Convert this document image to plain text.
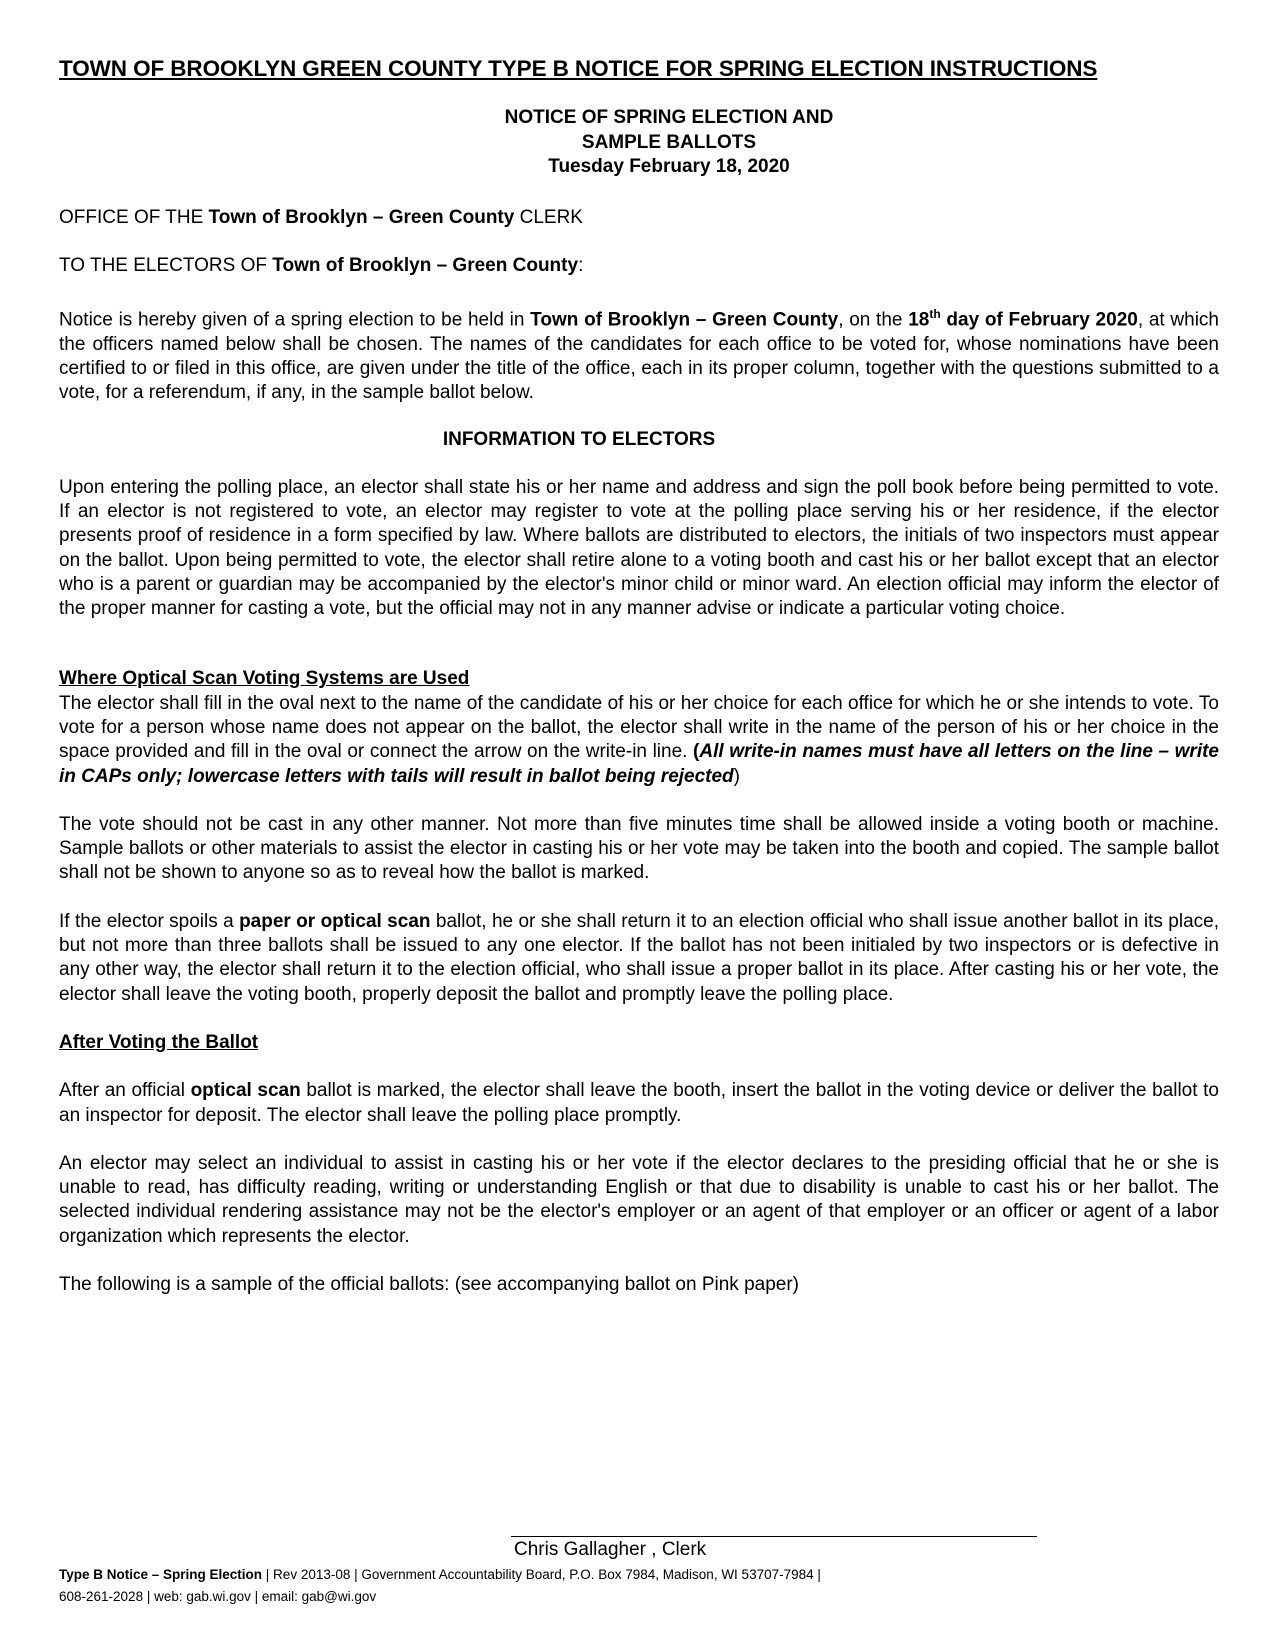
TOWN OF BROOKLYN GREEN COUNTY TYPE B NOTICE FOR SPRING ELECTION INSTRUCTIONS
NOTICE OF SPRING ELECTION AND
SAMPLE BALLOTS
Tuesday February 18, 2020

OFFICE OF THE Town of Brooklyn – Green County CLERK

TO THE ELECTORS OF Town of Brooklyn – Green County:

Notice is hereby given of a spring election to be held in Town of Brooklyn – Green County, on the 18th day of February 2020, at which the officers named below shall be chosen. The names of the candidates for each office to be voted for, whose nominations have been certified to or filed in this office, are given under the title of the office, each in its proper column, together with the questions submitted to a vote, for a referendum, if any, in the sample ballot below.

INFORMATION TO ELECTORS

Upon entering the polling place, an elector shall state his or her name and address and sign the poll book before being permitted to vote. If an elector is not registered to vote, an elector may register to vote at the polling place serving his or her residence, if the elector presents proof of residence in a form specified by law. Where ballots are distributed to electors, the initials of two inspectors must appear on the ballot. Upon being permitted to vote, the elector shall retire alone to a voting booth and cast his or her ballot except that an elector who is a parent or guardian may be accompanied by the elector's minor child or minor ward. An election official may inform the elector of the proper manner for casting a vote, but the official may not in any manner advise or indicate a particular voting choice.

Where Optical Scan Voting Systems are Used

The elector shall fill in the oval next to the name of the candidate of his or her choice for each office for which he or she intends to vote. To vote for a person whose name does not appear on the ballot, the elector shall write in the name of the person of his or her choice in the space provided and fill in the oval or connect the arrow on the write-in line. (All write-in names must have all letters on the line – write in CAPs only; lowercase letters with tails will result in ballot being rejected)

The vote should not be cast in any other manner. Not more than five minutes time shall be allowed inside a voting booth or machine. Sample ballots or other materials to assist the elector in casting his or her vote may be taken into the booth and copied. The sample ballot shall not be shown to anyone so as to reveal how the ballot is marked.

If the elector spoils a paper or optical scan ballot, he or she shall return it to an election official who shall issue another ballot in its place, but not more than three ballots shall be issued to any one elector. If the ballot has not been initialed by two inspectors or is defective in any other way, the elector shall return it to the election official, who shall issue a proper ballot in its place. After casting his or her vote, the elector shall leave the voting booth, properly deposit the ballot and promptly leave the polling place.

After Voting the Ballot

After an official optical scan ballot is marked, the elector shall leave the booth, insert the ballot in the voting device or deliver the ballot to an inspector for deposit. The elector shall leave the polling place promptly.

An elector may select an individual to assist in casting his or her vote if the elector declares to the presiding official that he or she is unable to read, has difficulty reading, writing or understanding English or that due to disability is unable to cast his or her ballot. The selected individual rendering assistance may not be the elector's employer or an agent of that employer or an officer or agent of a labor organization which represents the elector.

The following is a sample of the official ballots: (see accompanying ballot on Pink paper)

Chris Gallagher , Clerk
Type B Notice – Spring Election | Rev 2013-08 | Government Accountability Board, P.O. Box 7984, Madison, WI 53707-7984 |
608-261-2028 | web: gab.wi.gov | email: gab@wi.gov
